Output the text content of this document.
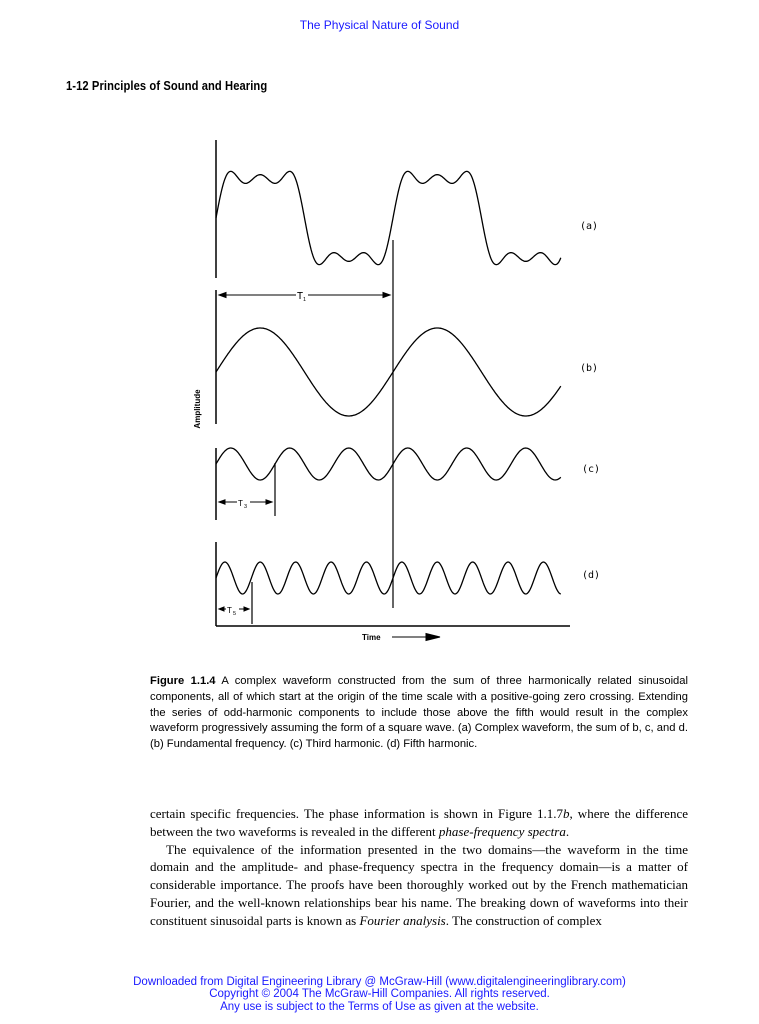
The Physical Nature of Sound
1-12 Principles of Sound and Hearing
T 1
T 3
T 5
(a)
(b)
(c)
(d)
Amplitude
Time
Figure 1.1.4 A complex waveform constructed from the sum of three harmonically related sinusoidal components, all of which start at the origin of the time scale with a positive-going zero crossing. Extending the series of odd-harmonic components to include those above the fifth would result in the complex waveform progressively assuming the form of a square wave. (a) Complex waveform, the sum of b, c, and d. (b) Fundamental frequency. (c) Third harmonic. (d) Fifth harmonic.

certain specific frequencies. The phase information is shown in Figure 1.1.7b, where the difference between the two waveforms is revealed in the different phase-frequency spectra.

The equivalence of the information presented in the two domains—the waveform in the time domain and the amplitude- and phase-frequency spectra in the frequency domain—is a matter of considerable importance. The proofs have been thoroughly worked out by the French mathematician Fourier, and the well-known relationships bear his name. The breaking down of waveforms into their constituent sinusoidal parts is known as Fourier analysis. The construction of complex

Downloaded from Digital Engineering Library @ McGraw-Hill (www.digitalengineeringlibrary.com)
Copyright © 2004 The McGraw-Hill Companies. All rights reserved.
Any use is subject to the Terms of Use as given at the website.
